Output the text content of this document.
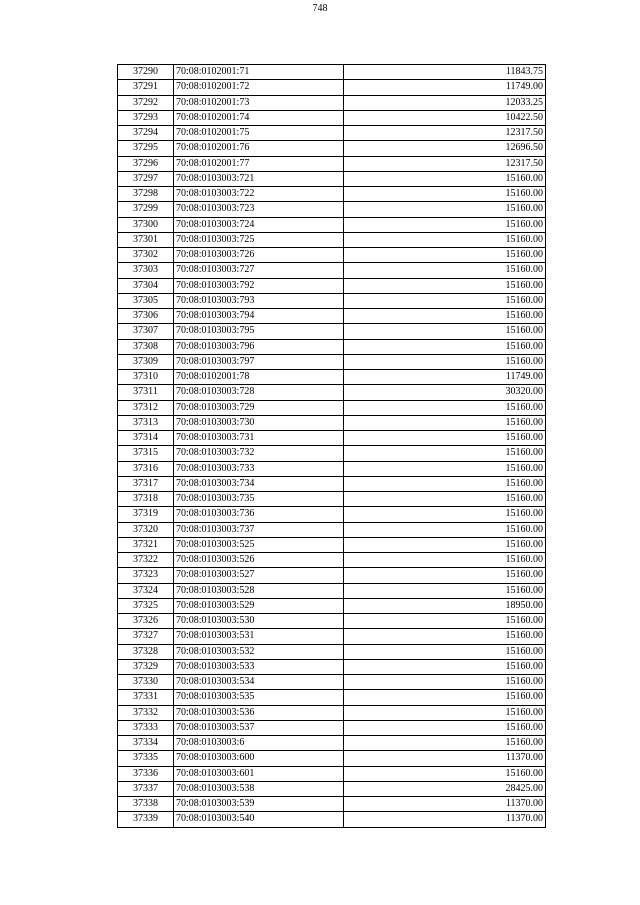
748
37290	70:08:0102001:71	11843.75
37291	70:08:0102001:72	11749.00
37292	70:08:0102001:73	12033.25
37293	70:08:0102001:74	10422.50
37294	70:08:0102001:75	12317.50
37295	70:08:0102001:76	12696.50
37296	70:08:0102001:77	12317.50
37297	70:08:0103003:721	15160.00
37298	70:08:0103003:722	15160.00
37299	70:08:0103003:723	15160.00
37300	70:08:0103003:724	15160.00
37301	70:08:0103003:725	15160.00
37302	70:08:0103003:726	15160.00
37303	70:08:0103003:727	15160.00
37304	70:08:0103003:792	15160.00
37305	70:08:0103003:793	15160.00
37306	70:08:0103003:794	15160.00
37307	70:08:0103003:795	15160.00
37308	70:08:0103003:796	15160.00
37309	70:08:0103003:797	15160.00
37310	70:08:0102001:78	11749.00
37311	70:08:0103003:728	30320.00
37312	70:08:0103003:729	15160.00
37313	70:08:0103003:730	15160.00
37314	70:08:0103003:731	15160.00
37315	70:08:0103003:732	15160.00
37316	70:08:0103003:733	15160.00
37317	70:08:0103003:734	15160.00
37318	70:08:0103003:735	15160.00
37319	70:08:0103003:736	15160.00
37320	70:08:0103003:737	15160.00
37321	70:08:0103003:525	15160.00
37322	70:08:0103003:526	15160.00
37323	70:08:0103003:527	15160.00
37324	70:08:0103003:528	15160.00
37325	70:08:0103003:529	18950.00
37326	70:08:0103003:530	15160.00
37327	70:08:0103003:531	15160.00
37328	70:08:0103003:532	15160.00
37329	70:08:0103003:533	15160.00
37330	70:08:0103003:534	15160.00
37331	70:08:0103003:535	15160.00
37332	70:08:0103003:536	15160.00
37333	70:08:0103003:537	15160.00
37334	70:08:0103003:6	15160.00
37335	70:08:0103003:600	11370.00
37336	70:08:0103003:601	15160.00
37337	70:08:0103003:538	28425.00
37338	70:08:0103003:539	11370.00
37339	70:08:0103003:540	11370.00
